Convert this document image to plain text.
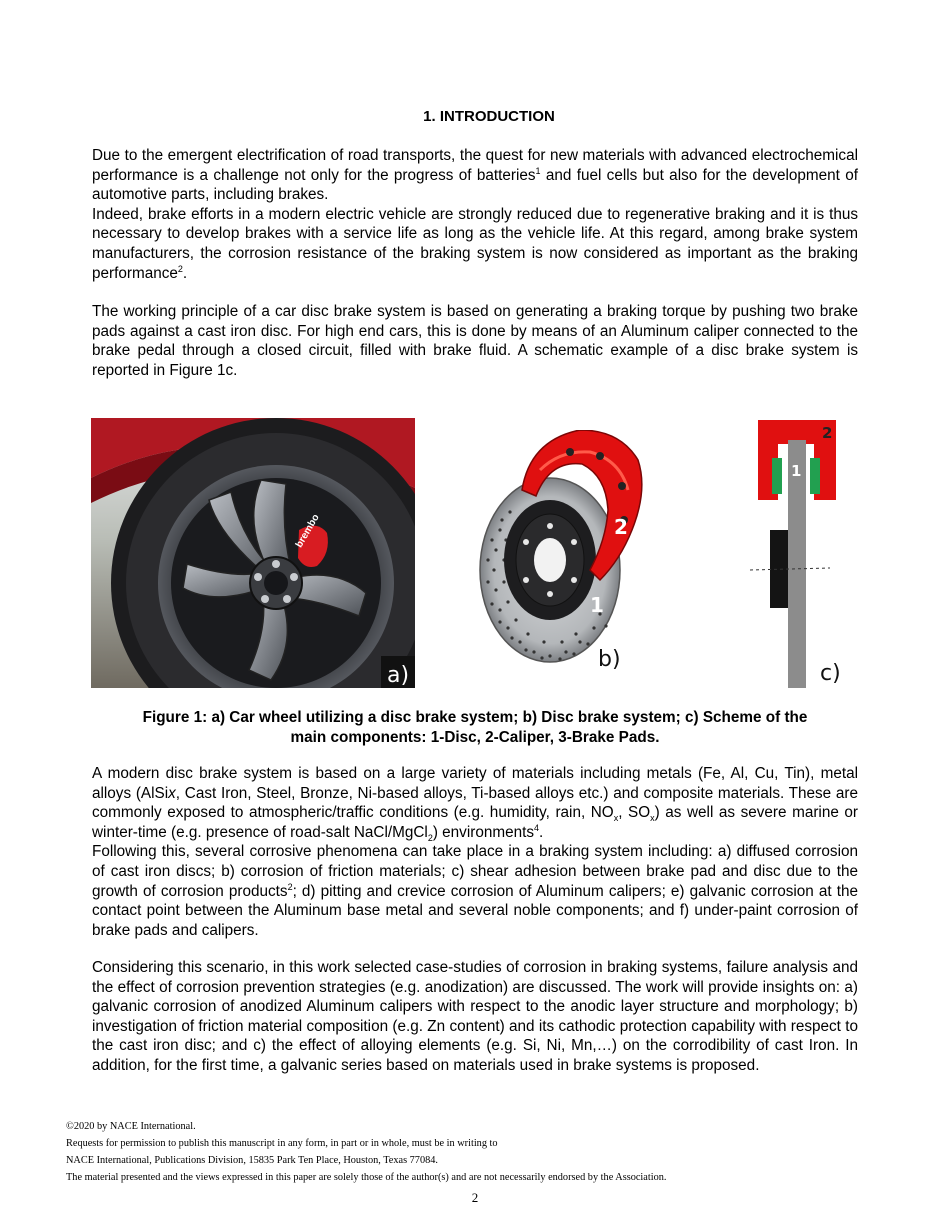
1. INTRODUCTION

Due to the emergent electrification of road transports, the quest for new materials with advanced electrochemical performance is a challenge not only for the progress of batteries$^1$ and fuel cells but also for the development of automotive parts, including brakes.
Indeed, brake efforts in a modern electric vehicle are strongly reduced due to regenerative braking and it is thus necessary to develop brakes with a service life as long as the vehicle life. At this regard, among brake system manufacturers, the corrosion resistance of the braking system is now considered as important as the braking performance$^2$.

The working principle of a car disc brake system is based on generating a braking torque by pushing two brake pads against a cast iron disc. For high end cars, this is done by means of an Aluminum caliper connected to the brake pedal through a closed circuit, filled with brake fluid. A schematic example of a disc brake system is reported in Figure 1c.

brembo
a)
2
1
b)
1
2
c)
Figure 1: a) Car wheel utilizing a disc brake system; b) Disc brake system; c) Scheme of the
main components: 1-Disc, 2-Caliper, 3-Brake Pads.

A modern disc brake system is based on a large variety of materials including metals (Fe, Al, Cu, Tin), metal alloys (AlSix, Cast Iron, Steel, Bronze, Ni-based alloys, Ti-based alloys etc.) and composite materials. These are commonly exposed to atmospheric/traffic conditions (e.g. humidity, rain, $NO_x$, $SO_x$) as well as severe marine or winter-time (e.g. presence of road-salt NaCl/MgCl$_2$) environments$^4$.
Following this, several corrosive phenomena can take place in a braking system including: a) diffused corrosion of cast iron discs; b) corrosion of friction materials; c) shear adhesion between brake pad and disc due to the growth of corrosion products$^2$; d) pitting and crevice corrosion of Aluminum calipers; e) galvanic corrosion at the contact point between the Aluminum base metal and several noble components; and f) under-paint corrosion of brake pads and calipers.

Considering this scenario, in this work selected case-studies of corrosion in braking systems, failure analysis and the effect of corrosion prevention strategies (e.g. anodization) are discussed. The work will provide insights on: a) galvanic corrosion of anodized Aluminum calipers with respect to the anodic layer structure and morphology; b) investigation of friction material composition (e.g. Zn content) and its cathodic protection capability with respect to the cast iron disc; and c) the effect of alloying elements (e.g. Si, Ni, Mn,…) on the corrodibility of cast Iron. In addition, for the first time, a galvanic series based on materials used in brake systems is proposed.

©2020 by NACE International.
Requests for permission to publish this manuscript in any form, in part or in whole, must be in writing to
NACE International, Publications Division, 15835 Park Ten Place, Houston, Texas 77084.
The material presented and the views expressed in this paper are solely those of the author(s) and are not necessarily endorsed by the Association.
2
